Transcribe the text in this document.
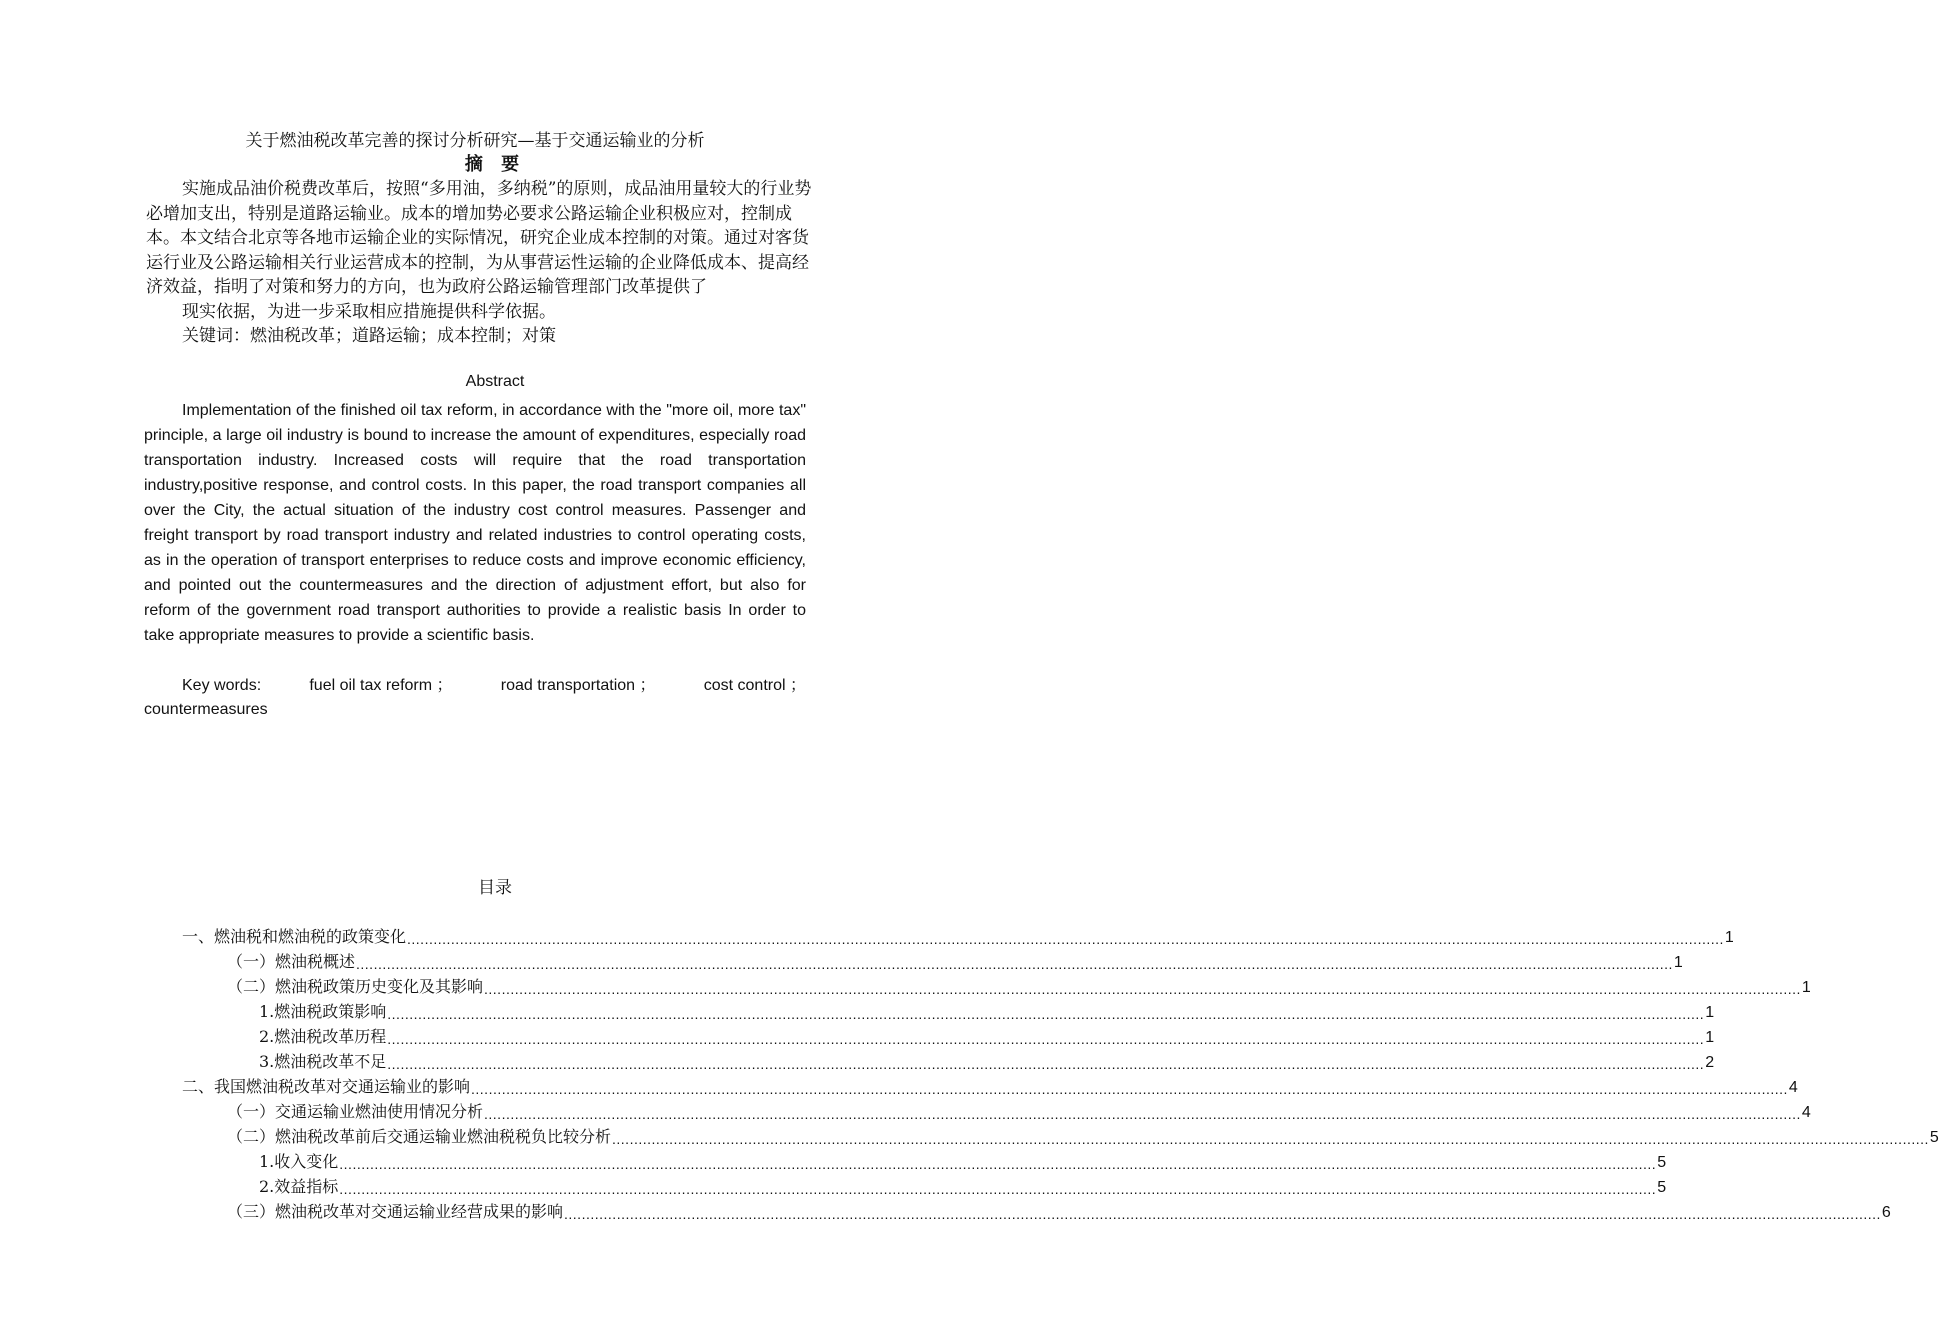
关于燃油税改革完善的探讨分析研究—基于交通运输业的分析
摘 要

实施成品油价税费改革后，按照“多用油，多纳税”的原则，成品油用量较大的行业势必增加支出，特别是道路运输业。成本的增加势必要求公路运输企业积极应对，控制成本。本文结合北京等各地市运输企业的实际情况，研究企业成本控制的对策。通过对客货运行业及公路运输相关行业运营成本的控制，为从事营运性运输的企业降低成本、提高经济效益，指明了对策和努力的方向，也为政府公路运输管理部门改革提供了

现实依据，为进一步采取相应措施提供科学依据。

关键词：燃油税改革；道路运输；成本控制；对策

Abstract

Implementation of the finished oil tax reform, in accordance with the "more oil, more tax" principle, a large oil industry is bound to increase the amount of expenditures, especially road transportation industry. Increased costs will require that the road transportation industry,positive response, and control costs. In this paper, the road transport companies all over the City, the actual situation of the industry cost control measures. Passenger and freight transport by road transport industry and related industries to control operating costs, as in the operation of transport enterprises to reduce costs and improve economic efficiency, and pointed out the countermeasures and the direction of adjustment effort, but also for reform of the government road transport authorities to provide a realistic basis In order to take appropriate measures to provide a scientific basis.

Key words:	fuel oil tax reform ；	road transportation ；	cost control ；
countermeasures
目录
一、燃油税和燃油税的政策变化 ............................................................................................................................................................................................................................................................................................................ 1
（一）燃油税概述 ............................................................................................................................................................................................................................................................................................................ 1
（二）燃油税政策历史变化及其影响 ............................................................................................................................................................................................................................................................................................................ 1
1.燃油税政策影响 ............................................................................................................................................................................................................................................................................................................ 1
2.燃油税改革历程 ............................................................................................................................................................................................................................................................................................................ 1
3.燃油税改革不足 ............................................................................................................................................................................................................................................................................................................ 2
二、我国燃油税改革对交通运输业的影响 ............................................................................................................................................................................................................................................................................................................ 4
（一）交通运输业燃油使用情况分析 ............................................................................................................................................................................................................................................................................................................ 4
（二）燃油税改革前后交通运输业燃油税税负比较分析 ............................................................................................................................................................................................................................................................................................................ 5
1.收入变化 ............................................................................................................................................................................................................................................................................................................ 5
2.效益指标 ............................................................................................................................................................................................................................................................................................................ 5
（三）燃油税改革对交通运输业经营成果的影响 ............................................................................................................................................................................................................................................................................................................ 6
